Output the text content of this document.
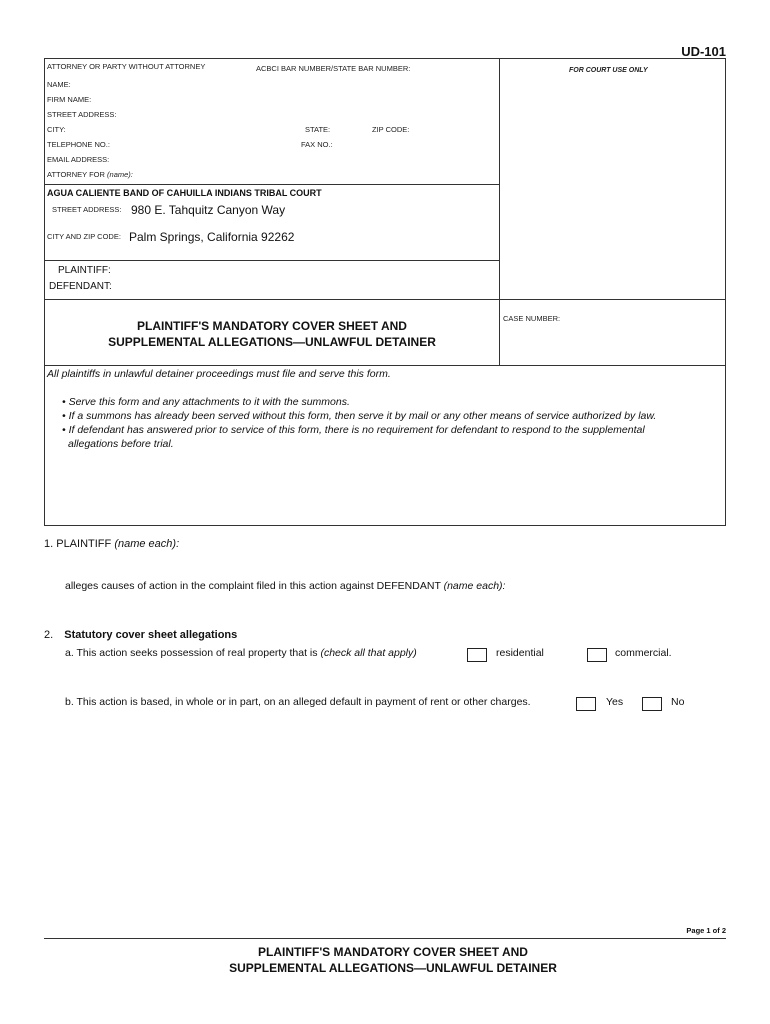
UD-101
ATTORNEY OR PARTY WITHOUT ATTORNEY	ACBCI BAR NUMBER/STATE BAR NUMBER:	FOR COURT USE ONLY
NAME:
FIRM NAME:
STREET ADDRESS:
CITY:	STATE:	ZIP CODE:
TELEPHONE NO.:	FAX NO.:
EMAIL ADDRESS:
ATTORNEY FOR (name):
AGUA CALIENTE BAND OF CAHUILLA INDIANS TRIBAL COURT
STREET ADDRESS: 980 E. Tahquitz Canyon Way
CITY AND ZIP CODE: Palm Springs, California 92262
PLAINTIFF:
DEFENDANT:
PLAINTIFF'S MANDATORY COVER SHEET AND
SUPPLEMENTAL ALLEGATIONS—UNLAWFUL DETAINER
CASE NUMBER:
All plaintiffs in unlawful detainer proceedings must file and serve this form.
• Serve this form and any attachments to it with the summons.
• If a summons has already been served without this form, then serve it by mail or any other means of service authorized by law.
• If defendant has answered prior to service of this form, there is no requirement for defendant to respond to the supplemental
allegations before trial.
1. PLAINTIFF (name each):
alleges causes of action in the complaint filed in this action against DEFENDANT (name each):
2. Statutory cover sheet allegations
a. This action seeks possession of real property that is (check all that apply)	residential	commercial.
b. This action is based, in whole or in part, on an alleged default in payment of rent or other charges.	Yes	No
Page 1 of 2
PLAINTIFF'S MANDATORY COVER SHEET AND
SUPPLEMENTAL ALLEGATIONS—UNLAWFUL DETAINER
